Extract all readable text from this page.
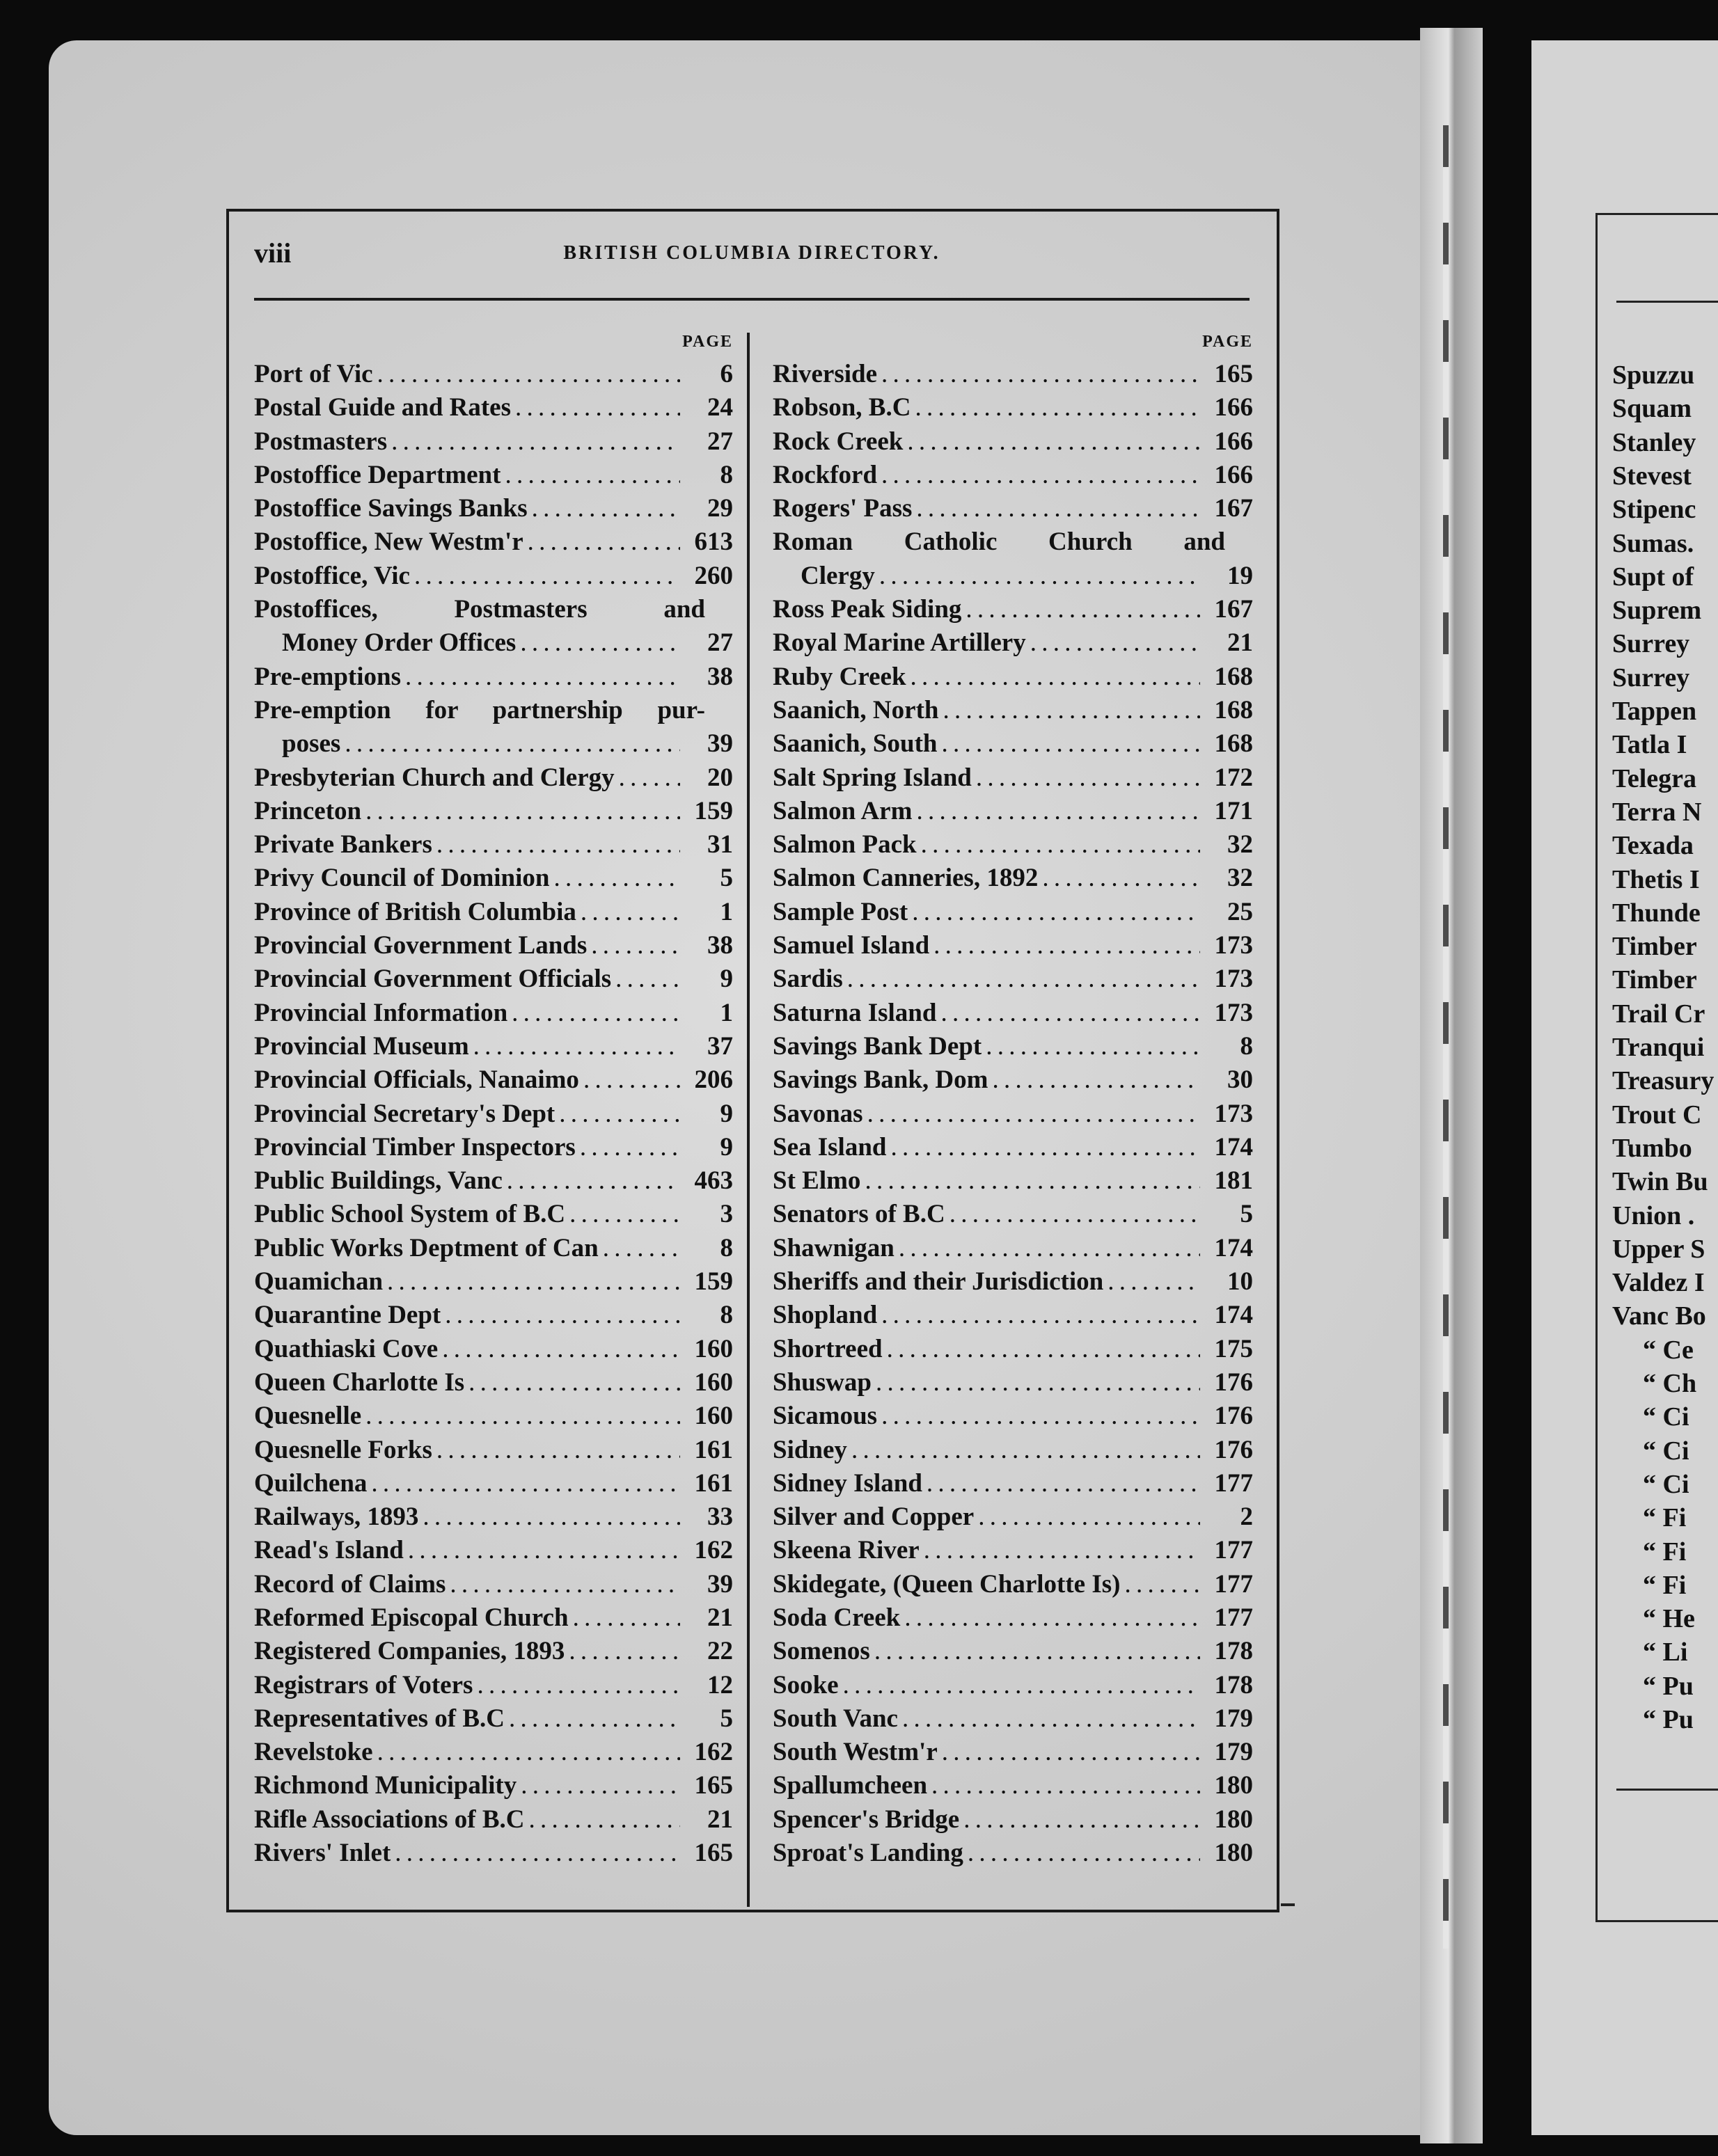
Spuzzu
Squam
Stanley
Stevest
Stipenc
Sumas.
Supt of
Suprem
Surrey
Surrey
Tappen
Tatla I
Telegra
Terra N
Texada
Thetis I
Thunde
Timber
Timber
Trail Cr
Tranqui
Treasury
Trout C
Tumbo
Twin Bu
Union .
Upper S
Valdez I
Vanc Bo
“ Ce
“ Ch
“ Ci
“ Ci
“ Ci
“ Fi
“ Fi
“ Fi
“ He
“ Li
“ Pu
“ Pu
viii	BRITISH COLUMBIA DIRECTORY.
PAGE
Port of Vic . . .	6
Postal Guide and Rates . . .	24
Postmasters . . .	27
Postoffice Department . . .	8
Postoffice Savings Banks . . .	29
Postoffice, New Westm'r . . .	613
Postoffice, Vic . . .	260
Postoffices, Postmasters and
Money Order Offices . . .	27
Pre-emptions . . .	38
Pre-emption for partnership pur-
poses . . .	39
Presbyterian Church and Clergy . . .	20
Princeton . . .	159
Private Bankers . . .	31
Privy Council of Dominion . . .	5
Province of British Columbia . . .	1
Provincial Government Lands . . .	38
Provincial Government Officials . . .	9
Provincial Information . . .	1
Provincial Museum . . .	37
Provincial Officials, Nanaimo . . .	206
Provincial Secretary's Dept . . .	9
Provincial Timber Inspectors . . .	9
Public Buildings, Vanc . . .	463
Public School System of B.C . . .	3
Public Works Deptment of Can . . .	8
Quamichan . . .	159
Quarantine Dept . . .	8
Quathiaski Cove . . .	160
Queen Charlotte Is . . .	160
Quesnelle . . .	160
Quesnelle Forks . . .	161
Quilchena . . .	161
Railways, 1893 . . .	33
Read's Island . . .	162
Record of Claims . . .	39
Reformed Episcopal Church . . .	21
Registered Companies, 1893 . . .	22
Registrars of Voters . . .	12
Representatives of B.C . . .	5
Revelstoke . . .	162
Richmond Municipality . . .	165
Rifle Associations of B.C . . .	21
Rivers' Inlet . . .	165
PAGE
Riverside . . .	165
Robson, B.C . . .	166
Rock Creek . . .	166
Rockford . . .	166
Rogers' Pass . . .	167
Roman Catholic Church and
Clergy . . .	19
Ross Peak Siding . . .	167
Royal Marine Artillery . . .	21
Ruby Creek . . .	168
Saanich, North . . .	168
Saanich, South . . .	168
Salt Spring Island . . .	172
Salmon Arm . . .	171
Salmon Pack . . .	32
Salmon Canneries, 1892 . . .	32
Sample Post . . .	25
Samuel Island . . .	173
Sardis . . .	173
Saturna Island . . .	173
Savings Bank Dept . . .	8
Savings Bank, Dom . . .	30
Savonas . . .	173
Sea Island . . .	174
St Elmo . . .	181
Senators of B.C . . .	5
Shawnigan . . .	174
Sheriffs and their Jurisdiction . . .	10
Shopland . . .	174
Shortreed . . .	175
Shuswap . . .	176
Sicamous . . .	176
Sidney . . .	176
Sidney Island . . .	177
Silver and Copper . . .	2
Skeena River . . .	177
Skidegate, (Queen Charlotte Is) . . .	177
Soda Creek . . .	177
Somenos . . .	178
Sooke . . .	178
South Vanc . . .	179
South Westm'r . . .	179
Spallumcheen . . .	180
Spencer's Bridge . . .	180
Sproat's Landing . . .	180
